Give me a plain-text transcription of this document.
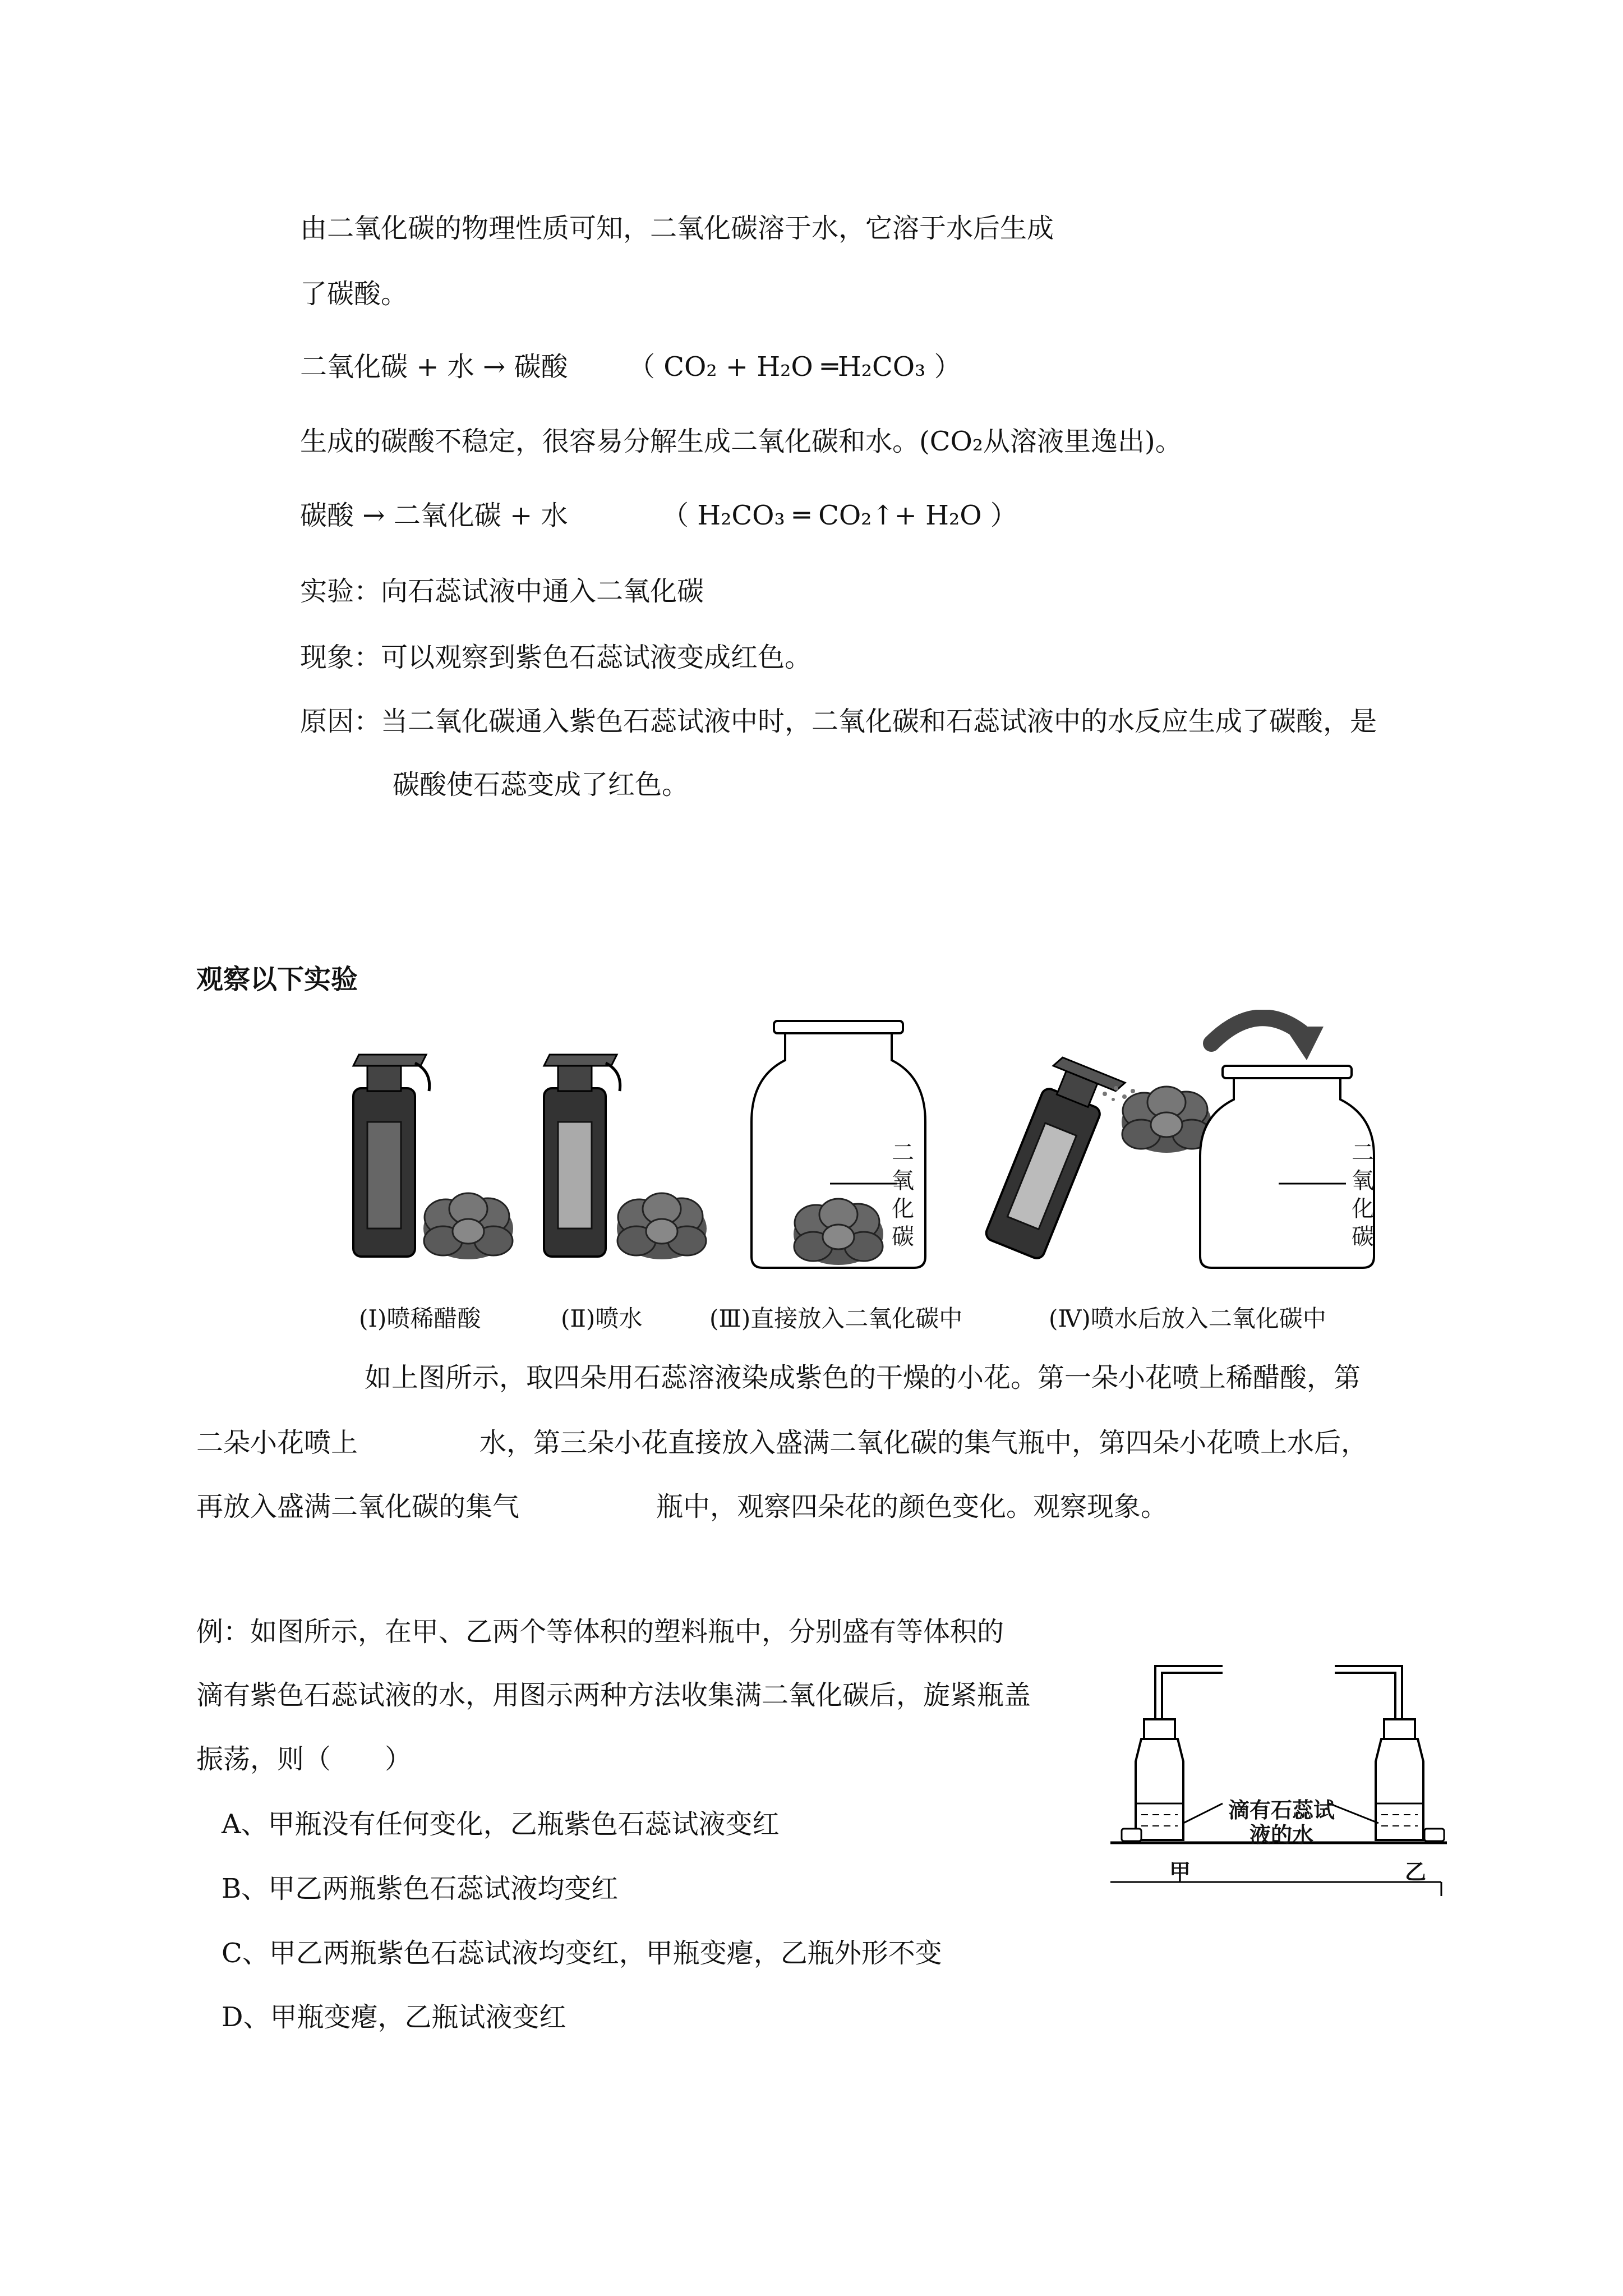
由二氧化碳的物理性质可知，二氧化碳溶于水，它溶于水后生成
了碳酸。
二氧化碳 + 水 → 碳酸 （ CO₂ + H₂O ═H₂CO₃ ）
生成的碳酸不稳定，很容易分解生成二氧化碳和水。(CO₂从溶液里逸出)。
碳酸 → 二氧化碳 + 水	（ H₂CO₃ ═ CO₂↑+ H₂O ）
实验：向石蕊试液中通入二氧化碳
现象：可以观察到紫色石蕊试液变成红色。
原因：当二氧化碳通入紫色石蕊试液中时，二氧化碳和石蕊试液中的水反应生成了碳酸，是
碳酸使石蕊变成了红色。
观察以下实验
二氧化碳
二氧化碳
(Ⅰ)喷稀醋酸	(Ⅱ)喷水	(Ⅲ)直接放入二氧化碳中	(Ⅳ)喷水后放入二氧化碳中
如上图所示，取四朵用石蕊溶液染成紫色的干燥的小花。第一朵小花喷上稀醋酸，第
二朵小花喷上	水，第三朵小花直接放入盛满二氧化碳的集气瓶中，第四朵小花喷上水后，
再放入盛满二氧化碳的集气	瓶中，观察四朵花的颜色变化。观察现象。
例：如图所示，在甲、乙两个等体积的塑料瓶中，分别盛有等体积的
滴有紫色石蕊试液的水，用图示两种方法收集满二氧化碳后，旋紧瓶盖
振荡，则（　　）
A、甲瓶没有任何变化，乙瓶紫色石蕊试液变红
B、甲乙两瓶紫色石蕊试液均变红
C、甲乙两瓶紫色石蕊试液均变红，甲瓶变瘪，乙瓶外形不变
D、甲瓶变瘪，乙瓶试液变红
滴有石蕊试液的水
甲	乙
